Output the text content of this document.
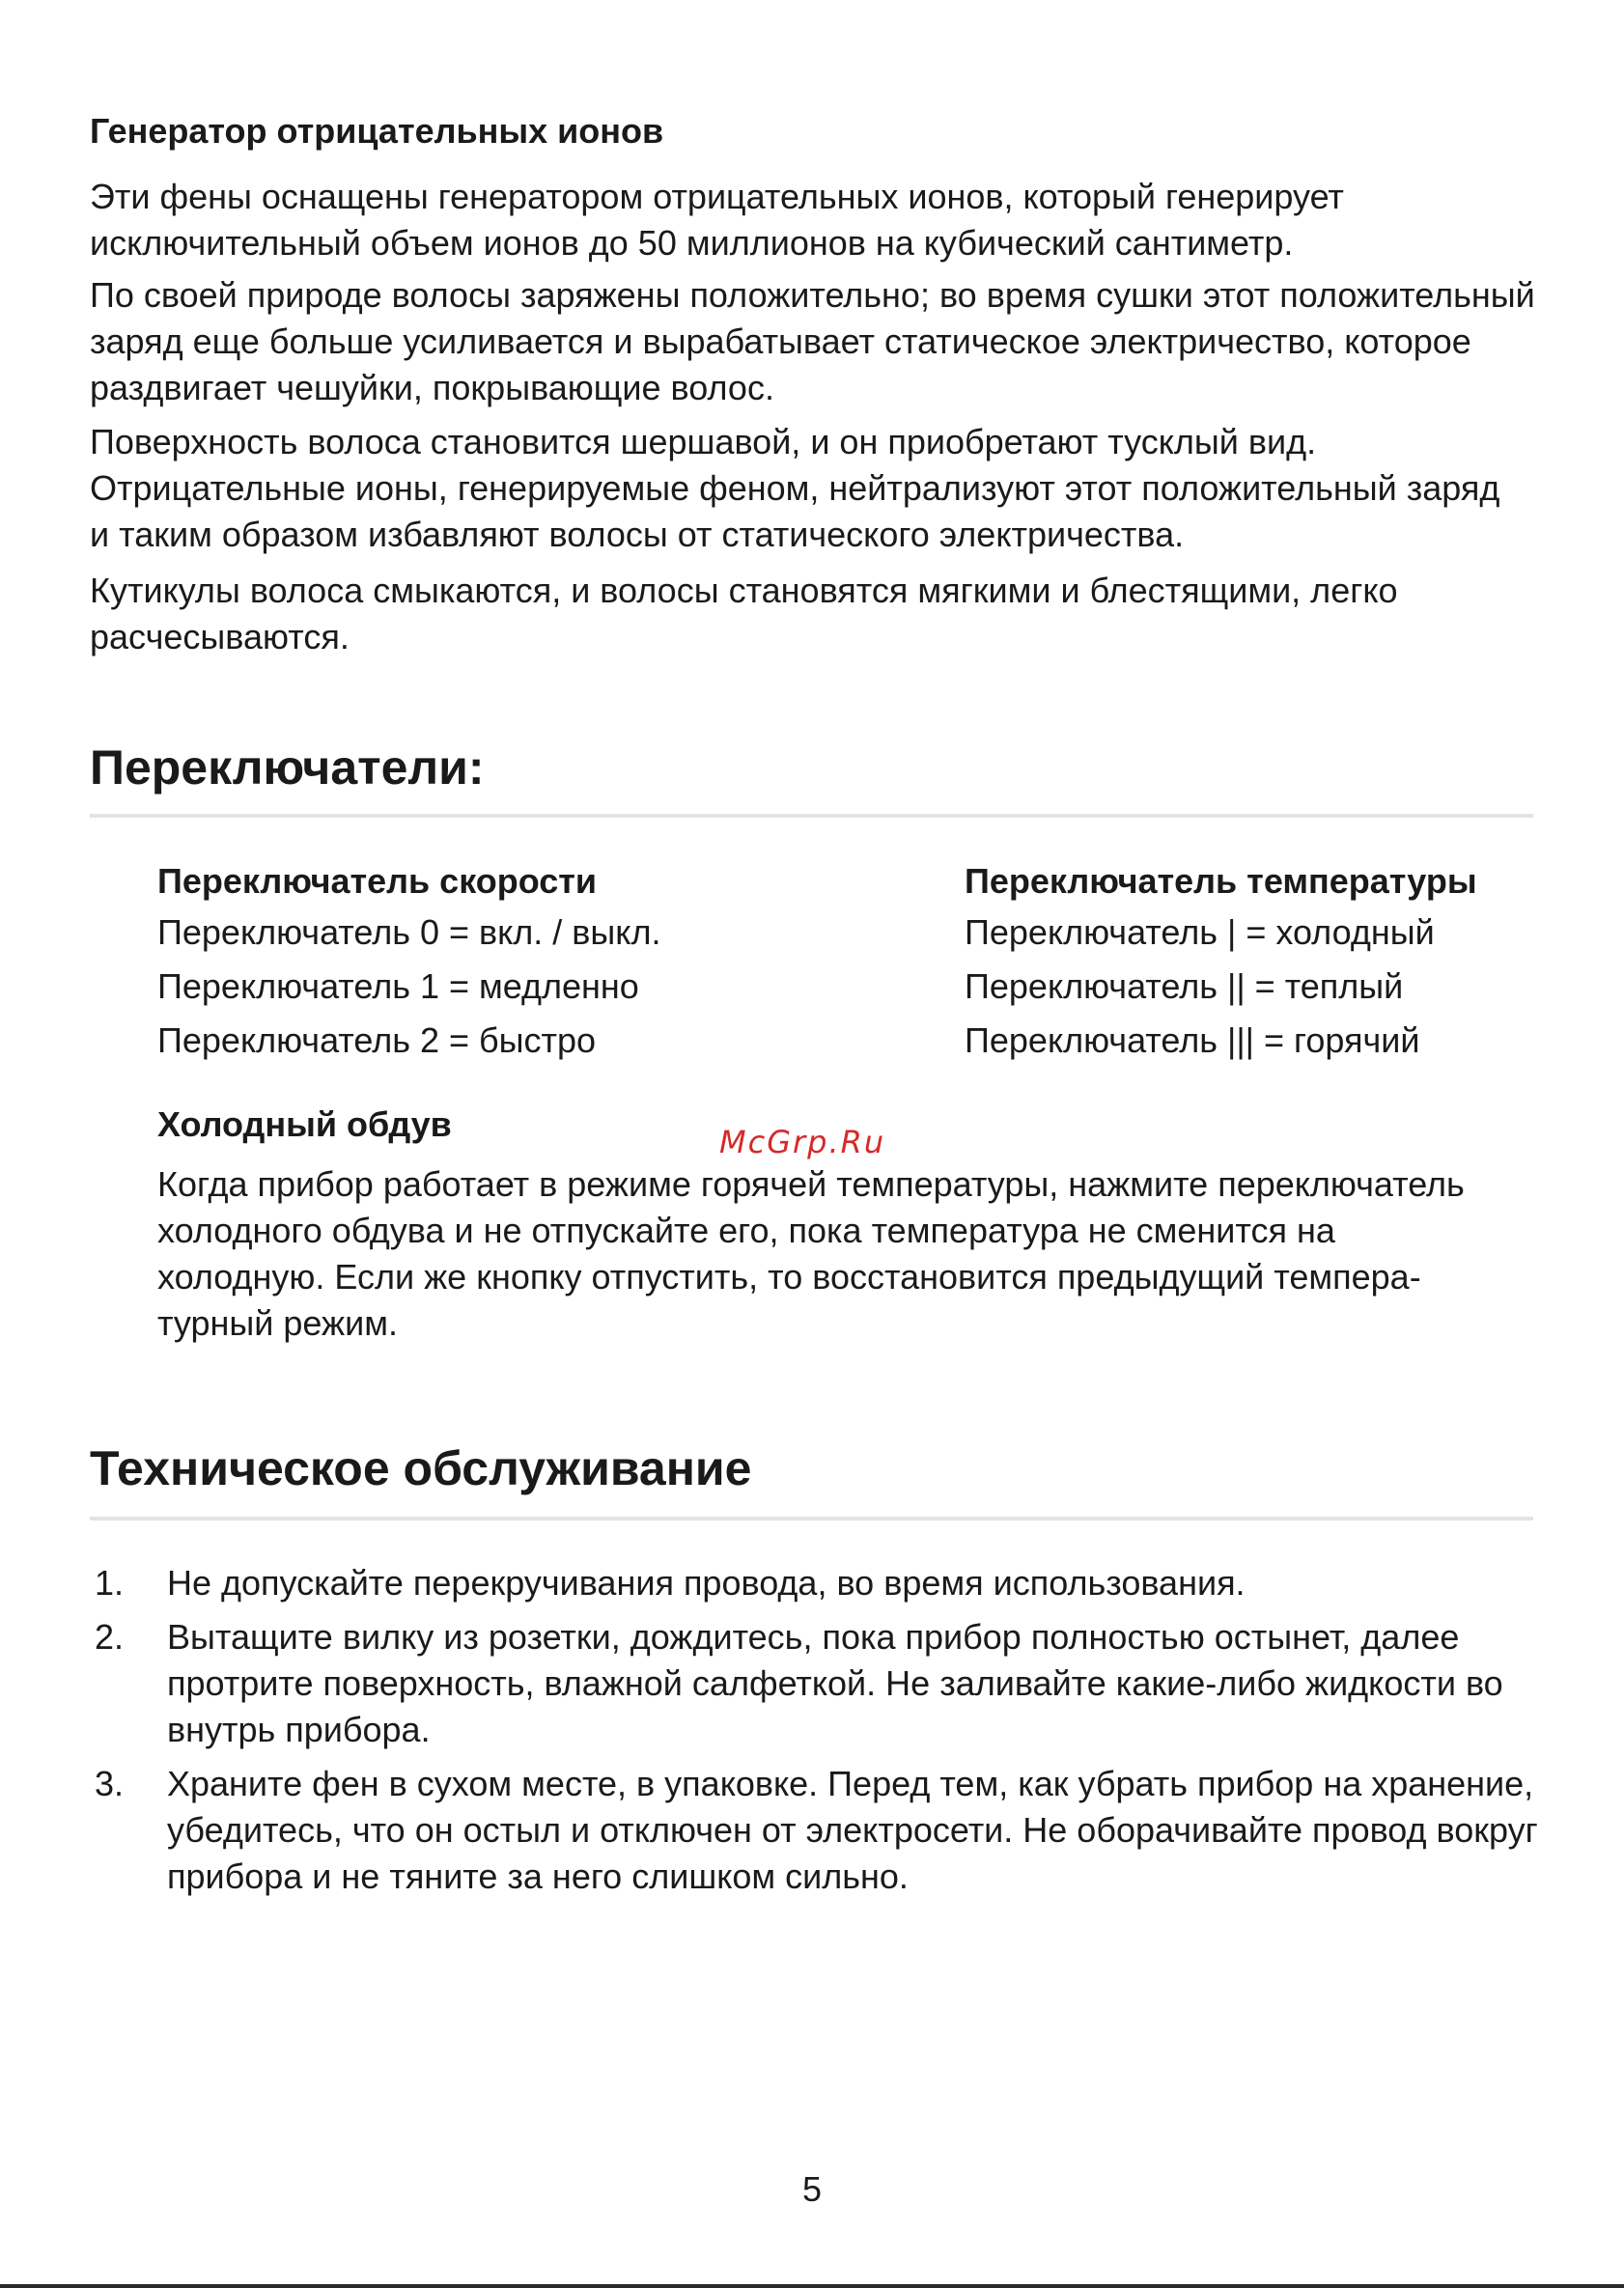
Генератор отрицательных ионов

Эти фены оснащены генератором отрицательных ионов, который генерирует исключительный объем ионов до 50 миллионов на кубический сантиметр.

По своей природе волосы заряжены положительно; во время сушки этот положительный заряд еще больше усиливается и вырабатывает статическое электричество, которое раздвигает чешуйки, покрывающие волос.

Поверхность волоса становится шершавой, и он приобретают тусклый вид. Отрицательные ионы, генерируемые феном, нейтрализуют этот положительный заряд и таким образом избавляют волосы от статического электричества.

Кутикулы волоса смыкаются, и волосы становятся мягкими и блестящими, легко расчесываются.

Переключатели:
Переключатель скорости
Переключатель 0 = вкл. / выкл.
Переключатель 1 = медленно
Переключатель 2 = быстро
Переключатель температуры
Переключатель | = холодный
Переключатель || = теплый
Переключатель ||| = горячий
Холодный обдув

Когда прибор работает в режиме горячей температуры, нажмите переключатель холодного обдува и не отпускайте его, пока температура не сменится на холодную. Если же кнопку отпустить, то восстановится предыдущий температурный режим.

McGrp.Ru
Техническое обслуживание
1. Не допускайте перекручивания провода, во время использования.

2. Вытащите вилку из розетки, дождитесь, пока прибор полностью остынет, далее протрите поверхность, влажной салфеткой. Не заливайте какие-либо жидкости во внутрь прибора.

3. Храните фен в сухом месте, в упаковке. Перед тем, как убрать прибор на хранение, убедитесь, что он остыл и отключен от электросети. Не оборачивайте провод вокруг прибора и не тяните за него слишком сильно.

5
